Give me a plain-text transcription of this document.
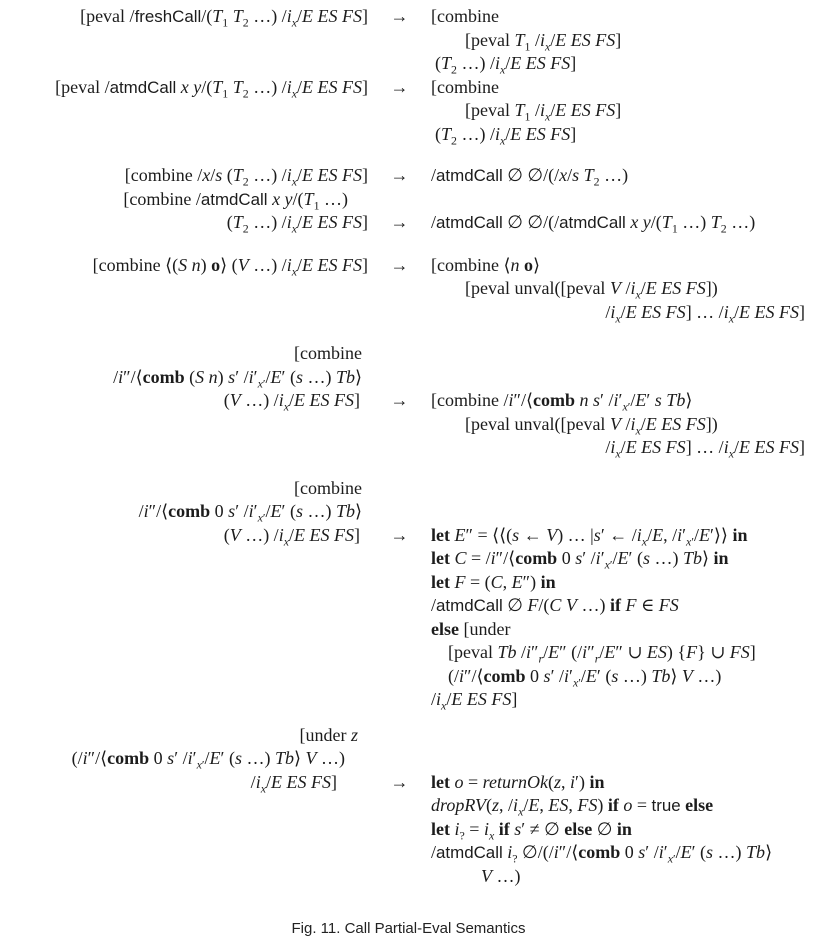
[peval $/freshCall/(T_1$ $T_2$ …) $/i_x/E$ ES FS]	→	[combine
[peval $T_1$ $/i_x/E$ ES FS]
($T_2$ …) $/i_x/E$ ES FS]
[peval /atmdCall x $y/(T_1$ $T_2$ …) $/i_x/E$ ES FS]	→	[combine
[peval $T_1$ $/i_x/E$ ES FS]
($T_2$ …) $/i_x/E$ ES FS]
[combine /x/s ($T_2$ …) $/i_x/E$ ES FS]	→	/atmdCall ∅ ∅/(/x/s $T_2$ …)
[combine /atmdCall x $y/(T_1$ …)
($T_2$ …) $/i_x/E$ ES FS]	→	/atmdCall ∅ ∅/(/atmdCall x $y/(T_1$ …) $T_2$ …)
[combine ⟨(S n) o⟩ (V …) $/i_x/E$ ES FS]	→	[combine ⟨n o⟩
[peval unval([peval V $/i_x/E$ ES FS])
$/i_x/E$ ES FS] … $/i_x/E$ ES FS]
[combine
/i″/⟨comb (S n) s′ $/i'_{x'}/E'$ (s …) Tb⟩
(V …) $/i_x/E$ ES FS]	→	[combine /i″/⟨comb n s′ $/i'_{x'}/E'$ s Tb⟩
[peval unval([peval V $/i_x/E$ ES FS])
$/i_x/E$ ES FS] … $/i_x/E$ ES FS]
[combine
/i″/⟨comb 0 s′ $/i'_{x'}/E'$ (s …) Tb⟩
(V …) $/i_x/E$ ES FS]	→	let E″ = ⟨⟨(s ← V) … |s′ ← $/i_x/E$, $/i'_{x'}/E'⟩⟩$ in
let C = /i″/⟨comb 0 s′ $/i'_{x'}/E'$ (s …) Tb⟩ in
let F = (C, E″) in
/atmdCall ∅ F/(C V …) if F ∈ FS
else [under
[peval Tb $/i''_r/E''$ ($/i''_r/E''$ ∪ ES) {F} ∪ FS]
(/i″/⟨comb 0 s′ $/i'_{x'}/E'$ (s …) Tb⟩ V …)
$/i_x/E$ ES FS]
[under z
(/i″/⟨comb 0 s′ $/i'_{x'}/E'$ (s …) Tb⟩ V …)
$/i_x/E$ ES FS]	→	let o = returnOk(z, i′) in
dropRV(z, $/i_x/E$, ES, FS) if o = true else
let $i_? = i_x$ if s′ ≠ ∅ else ∅ in
/atmdCall $i_?$ ∅/(/i″/⟨comb 0 s′ $/i'_{x'}/E'$ (s …) Tb⟩
V …)
Fig. 11. Call Partial-Eval Semantics
